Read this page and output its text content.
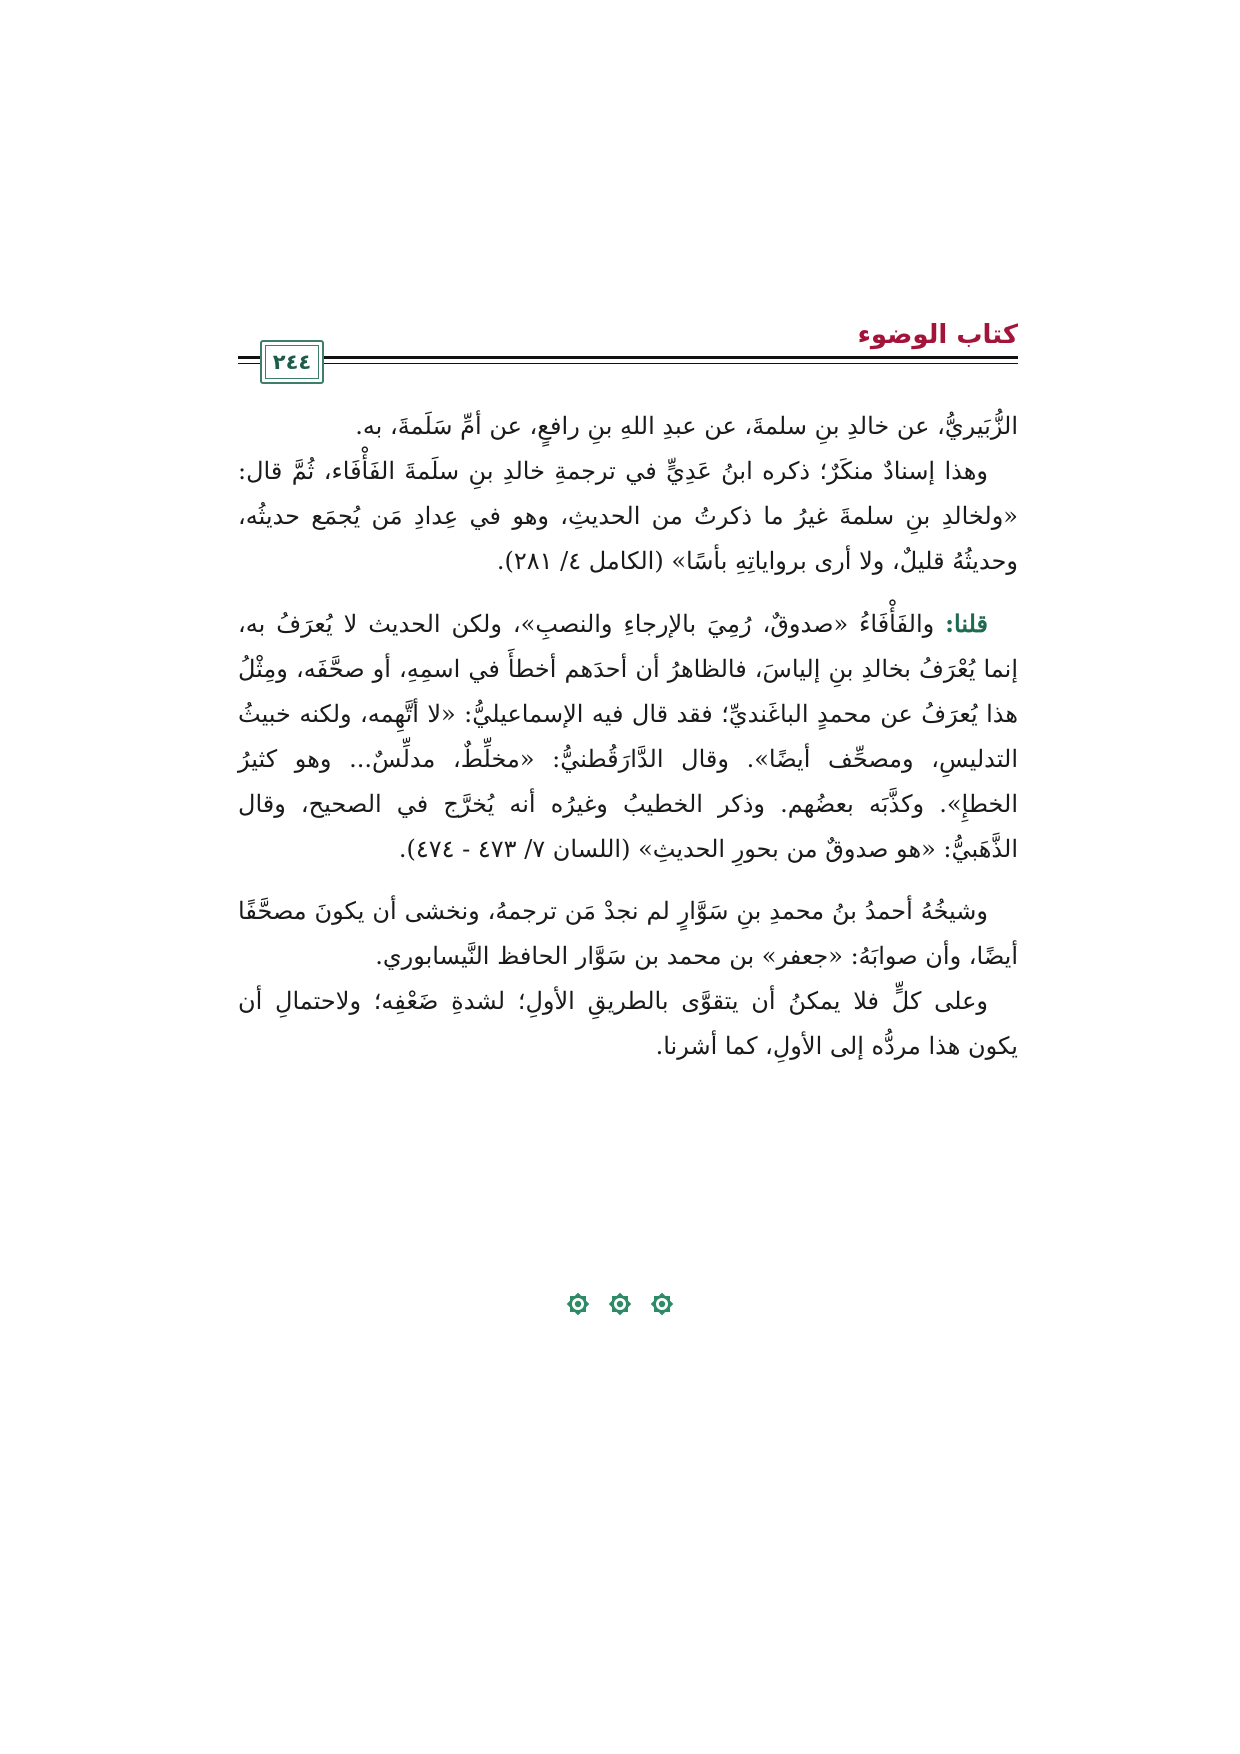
كتاب الوضوء
٢٤٤

الزُّبَيريُّ، عن خالدِ بنِ سلمةَ، عن عبدِ اللهِ بنِ رافعٍ، عن أمِّ سَلَمةَ، به.

وهذا إسنادٌ منكَرٌ؛ ذكره ابنُ عَدِيٍّ في ترجمةِ خالدِ بنِ سلَمةَ الفَأْفَاء، ثُمَّ قال: «ولخالدِ بنِ سلمةَ غيرُ ما ذكرتُ من الحديثِ، وهو في عِدادِ مَن يُجمَع حديثُه، وحديثُهُ قليلٌ، ولا أرى برواياتِهِ بأسًا» (الكامل ٤/ ٢٨١).

قلنا: والفَأْفَاءُ «صدوقٌ، رُمِيَ بالإرجاءِ والنصبِ»، ولكن الحديث لا يُعرَفُ به، إنما يُعْرَفُ بخالدِ بنِ إلياسَ، فالظاهرُ أن أحدَهم أخطأَ في اسمِهِ، أو صحَّفَه، ومِثْلُ هذا يُعرَفُ عن محمدٍ الباغَنديِّ؛ فقد قال فيه الإسماعيليُّ: «لا أتَّهِمه، ولكنه خبيثُ التدليسِ، ومصحِّف أيضًا». وقال الدَّارَقُطنيُّ: «مخلِّطٌ، مدلِّسٌ... وهو كثيرُ الخطإِ». وكذَّبَه بعضُهم. وذكر الخطيبُ وغيرُه أنه يُخرَّج في الصحيح، وقال الذَّهَبيُّ: «هو صدوقٌ من بحورِ الحديثِ» (اللسان ٧/ ٤٧٣ - ٤٧٤).

وشيخُهُ أحمدُ بنُ محمدِ بنِ سَوَّارٍ لم نجدْ مَن ترجمهُ، ونخشى أن يكونَ مصحَّفًا أيضًا، وأن صوابَهُ: «جعفر» بن محمد بن سَوَّار الحافظ النَّيسابوري.

وعلى كلٍّ فلا يمكنُ أن يتقوَّى بالطريقِ الأولِ؛ لشدةِ ضَعْفِه؛ ولاحتمالِ أن يكون هذا مردُّه إلى الأولِ، كما أشرنا.
